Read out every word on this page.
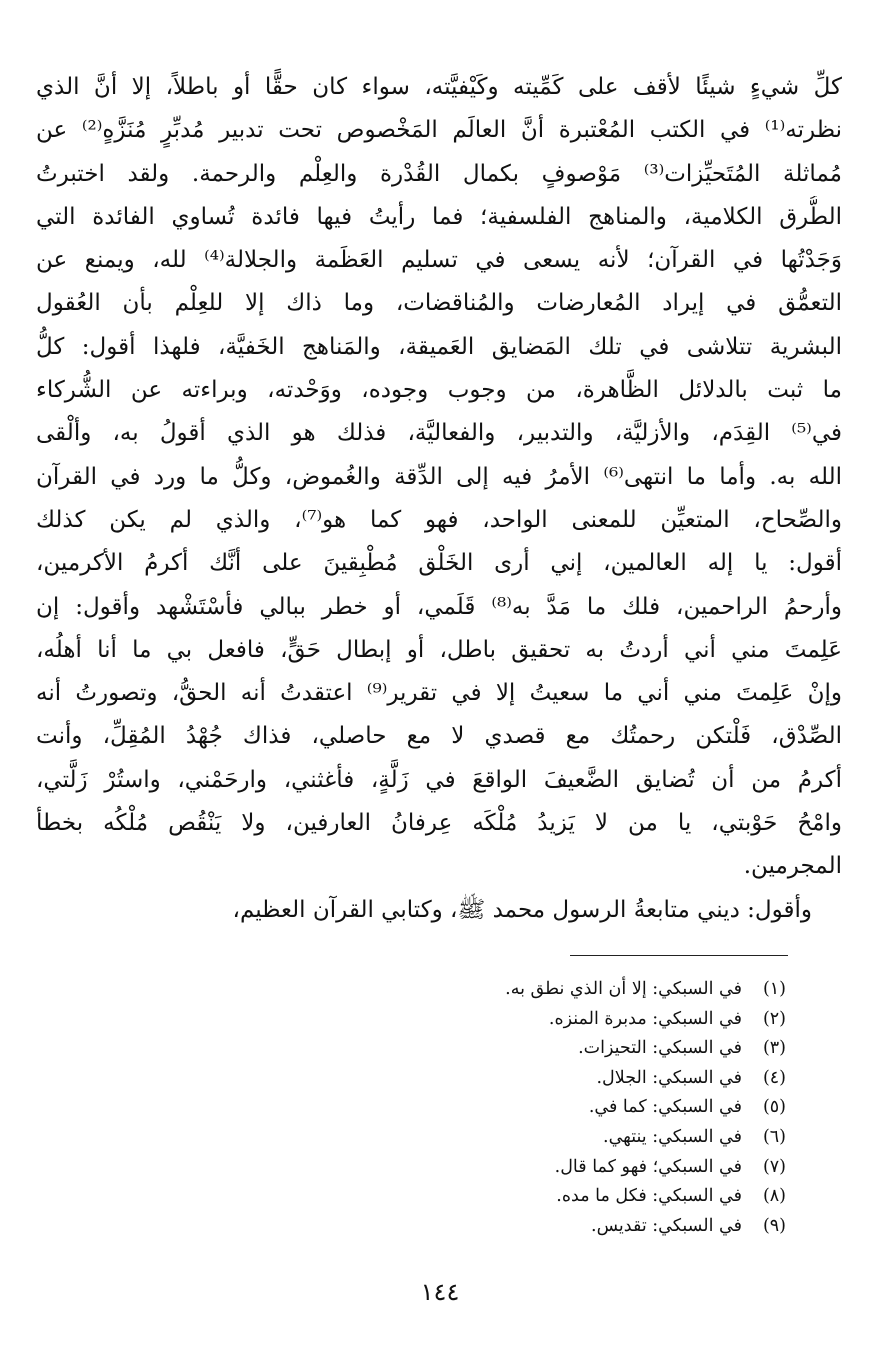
كلِّ شيءٍ شيئًا لأقف على كَمِّيته وكَيْفيَّته، سواء كان حقًّا أو باطلاً، إلا أنَّ الذي
نظرته⁽¹⁾ في الكتب المُعْتبرة أنَّ العالَم المَخْصوص تحت تدبير مُدبِّرٍ مُنَزَّهٍ⁽²⁾ عن
مُماثلة المُتَحيِّزات⁽³⁾ مَوْصوفٍ بكمال القُدْرة والعِلْم والرحمة. ولقد اختبرتُ
الطُّرق الكلامية، والمناهج الفلسفية؛ فما رأيتُ فيها فائدة تُساوي الفائدة التي
وَجَدْتُها في القرآن؛ لأنه يسعى في تسليم العَظَمة والجلالة⁽⁴⁾ لله، ويمنع عن
التعمُّق في إيراد المُعارضات والمُناقضات، وما ذاك إلا للعِلْم بأن العُقول
البشرية تتلاشى في تلك المَضايق العَميقة، والمَناهج الخَفيَّة، فلهذا أقول: كلُّ
ما ثبت بالدلائل الظَّاهرة، من وجوب وجوده، ووَحْدته، وبراءته عن الشُّركاء
في⁽⁵⁾ القِدَم، والأزليَّة، والتدبير، والفعاليَّة، فذلك هو الذي أقولُ به، وألْقى
الله به. وأما ما انتهى⁽⁶⁾ الأمرُ فيه إلى الدِّقة والغُموض، وكلُّ ما ورد في القرآن
والصِّحاح، المتعيِّن للمعنى الواحد، فهو كما هو⁽⁷⁾، والذي لم يكن كذلك
أقول: يا إله العالمين، إني أرى الخَلْق مُطْبِقينَ على أنَّك أكرمُ الأكرمين،
وأرحمُ الراحمين، فلك ما مَدَّ به⁽⁸⁾ قَلَمي، أو خطر ببالي فأسْتَشْهد وأقول: إن
عَلِمتَ مني أني أردتُ به تحقيق باطل، أو إبطال حَقٍّ، فافعل بي ما أنا أهلُه،
وإنْ عَلِمتَ مني أني ما سعيتُ إلا في تقرير⁽⁹⁾ اعتقدتُ أنه الحقُّ، وتصورتُ أنه
الصِّدْق، فَلْتكن رحمتُك مع قصدي لا مع حاصلي، فذاك جُهْدُ المُقِلِّ، وأنت
أكرمُ من أن تُضايق الضَّعيفَ الواقعَ في زَلَّةٍ، فأغثني، وارحَمْني، واستُرْ زَلَّتي،
وامْحُ حَوْبتي، يا من لا يَزيدُ مُلْكَه عِرفانُ العارفين، ولا يَنْقُص مُلْكُه بخطأ
المجرمين.
وأقول: ديني متابعةُ الرسول محمد ﷺ، وكتابي القرآن العظيم،
(١)في السبكي: إلا أن الذي نطق به.
(٢)في السبكي: مدبرة المنزه.
(٣)في السبكي: التحيزات.
(٤)في السبكي: الجلال.
(٥)في السبكي: كما في.
(٦)في السبكي: ينتهي.
(٧)في السبكي؛ فهو كما قال.
(٨)في السبكي: فكل ما مده.
(٩)في السبكي: تقديس.
١٤٤
